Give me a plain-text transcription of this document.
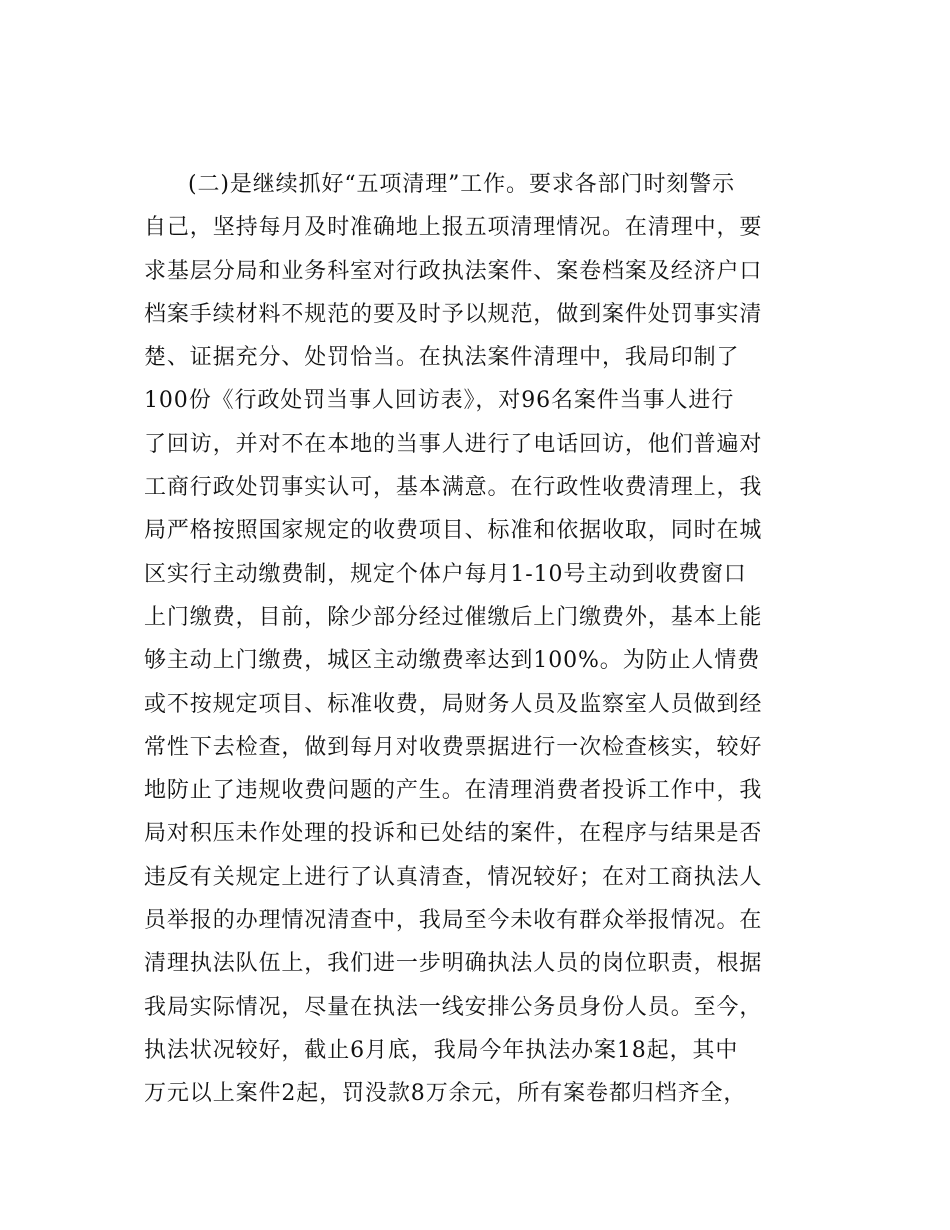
(二)是继续抓好“五项清理”工作。要求各部门时刻警示
自己，坚持每月及时准确地上报五项清理情况。在清理中，要
求基层分局和业务科室对行政执法案件、案卷档案及经济户口
档案手续材料不规范的要及时予以规范，做到案件处罚事实清
楚、证据充分、处罚恰当。在执法案件清理中，我局印制了
100份《行政处罚当事人回访表》，对96名案件当事人进行
了回访，并对不在本地的当事人进行了电话回访，他们普遍对
工商行政处罚事实认可，基本满意。在行政性收费清理上，我
局严格按照国家规定的收费项目、标准和依据收取，同时在城
区实行主动缴费制，规定个体户每月1-10号主动到收费窗口
上门缴费，目前，除少部分经过催缴后上门缴费外，基本上能
够主动上门缴费，城区主动缴费率达到100%。为防止人情费
或不按规定项目、标准收费，局财务人员及监察室人员做到经
常性下去检查，做到每月对收费票据进行一次检查核实，较好
地防止了违规收费问题的产生。在清理消费者投诉工作中，我
局对积压未作处理的投诉和已处结的案件，在程序与结果是否
违反有关规定上进行了认真清查，情况较好；在对工商执法人
员举报的办理情况清查中，我局至今未收有群众举报情况。在
清理执法队伍上，我们进一步明确执法人员的岗位职责，根据
我局实际情况，尽量在执法一线安排公务员身份人员。至今，
执法状况较好，截止6月底，我局今年执法办案18起，其中
万元以上案件2起，罚没款8万余元，所有案卷都归档齐全，
